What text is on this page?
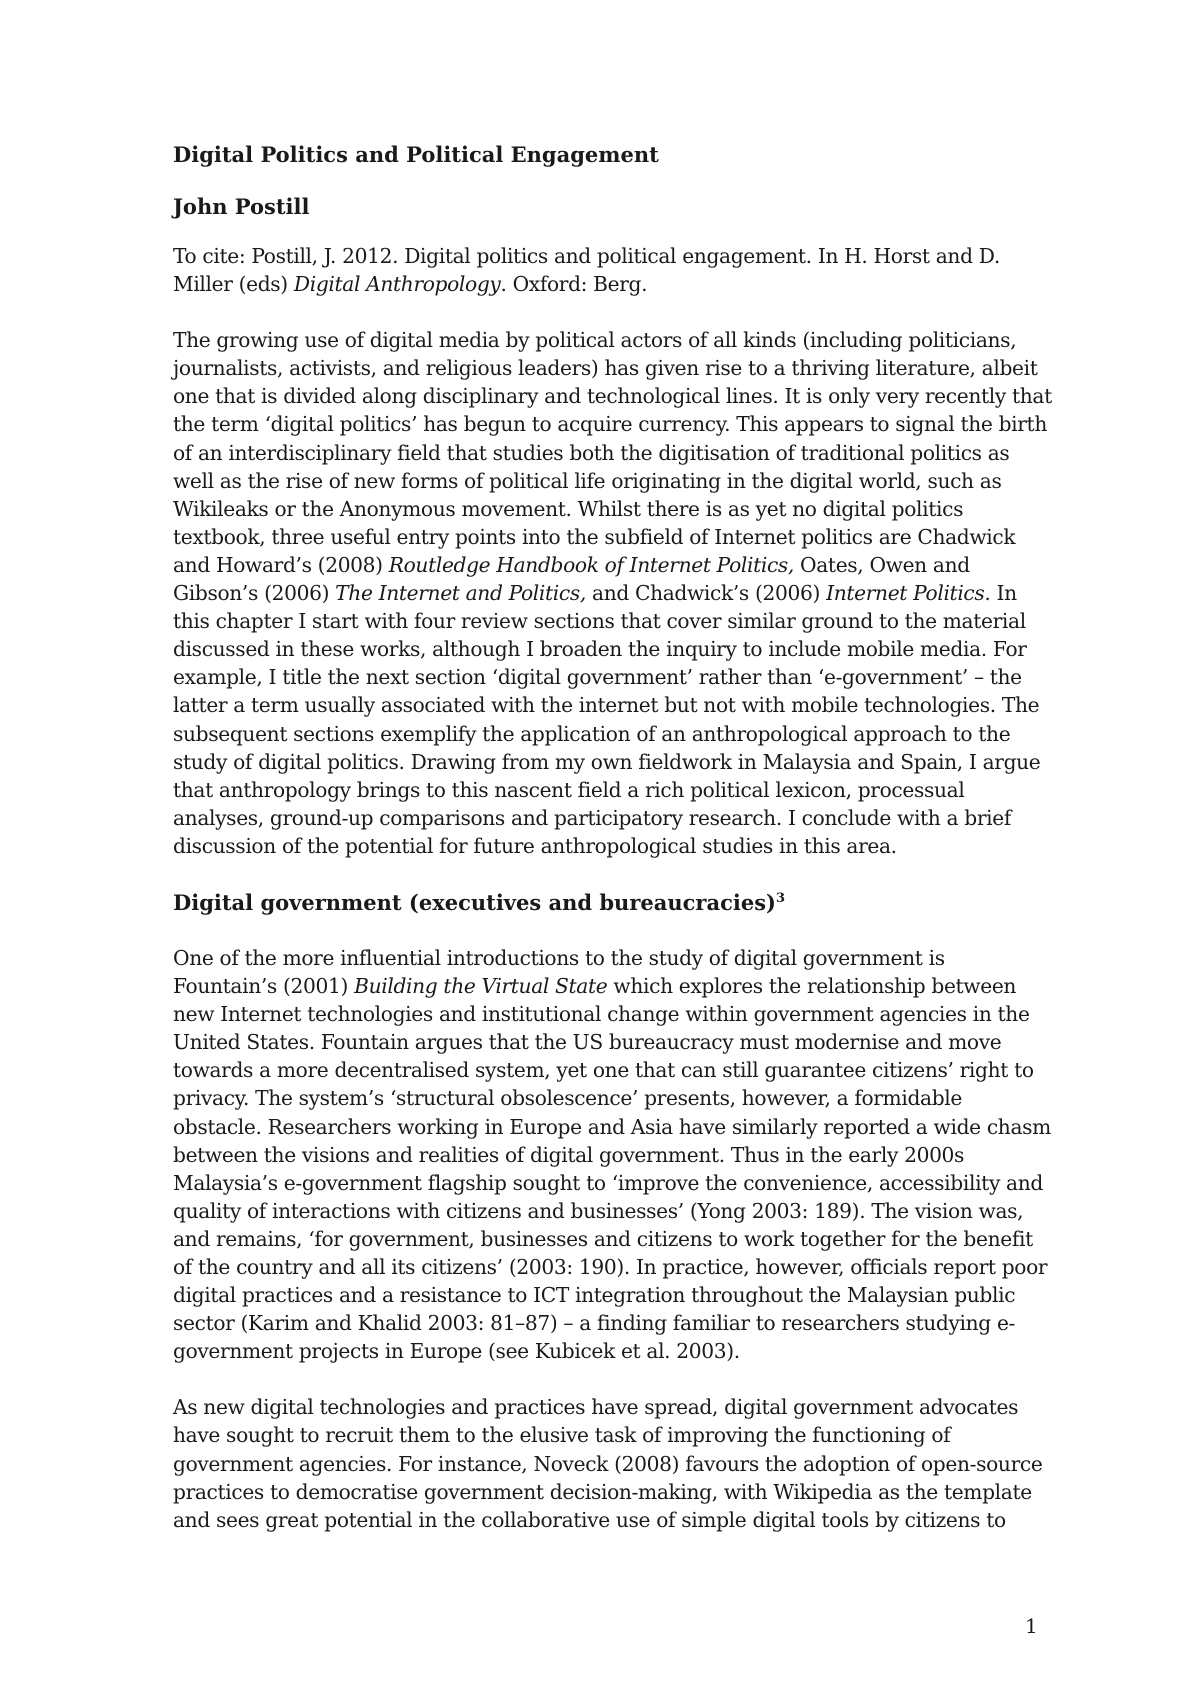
Digital Politics and Political Engagement
John Postill

To cite: Postill, J. 2012. Digital politics and political engagement. In H. Horst and D. Miller (eds) Digital Anthropology. Oxford: Berg.

The growing use of digital media by political actors of all kinds (including politicians, journalists, activists, and religious leaders) has given rise to a thriving literature, albeit one that is divided along disciplinary and technological lines. It is only very recently that the term ‘digital politics’ has begun to acquire currency. This appears to signal the birth of an interdisciplinary field that studies both the digitisation of traditional politics as well as the rise of new forms of political life originating in the digital world, such as Wikileaks or the Anonymous movement. Whilst there is as yet no digital politics textbook, three useful entry points into the subfield of Internet politics are Chadwick and Howard’s (2008) Routledge Handbook of Internet Politics, Oates, Owen and Gibson’s (2006) The Internet and Politics, and Chadwick’s (2006) Internet Politics. In this chapter I start with four review sections that cover similar ground to the material discussed in these works, although I broaden the inquiry to include mobile media. For example, I title the next section ‘digital government’ rather than ‘e-government’ – the latter a term usually associated with the internet but not with mobile technologies. The subsequent sections exemplify the application of an anthropological approach to the study of digital politics. Drawing from my own fieldwork in Malaysia and Spain, I argue that anthropology brings to this nascent field a rich political lexicon, processual analyses, ground-up comparisons and participatory research. I conclude with a brief discussion of the potential for future anthropological studies in this area.

Digital government (executives and bureaucracies)$^3$

One of the more influential introductions to the study of digital government is Fountain’s (2001) Building the Virtual State which explores the relationship between new Internet technologies and institutional change within government agencies in the United States. Fountain argues that the US bureaucracy must modernise and move towards a more decentralised system, yet one that can still guarantee citizens’ right to privacy. The system’s ‘structural obsolescence’ presents, however, a formidable obstacle. Researchers working in Europe and Asia have similarly reported a wide chasm between the visions and realities of digital government. Thus in the early 2000s Malaysia’s e-government flagship sought to ‘improve the convenience, accessibility and quality of interactions with citizens and businesses’ (Yong 2003: 189). The vision was, and remains, ‘for government, businesses and citizens to work together for the benefit of the country and all its citizens’ (2003: 190). In practice, however, officials report poor digital practices and a resistance to ICT integration throughout the Malaysian public sector (Karim and Khalid 2003: 81–87) – a finding familiar to researchers studying e-government projects in Europe (see Kubicek et al. 2003).

As new digital technologies and practices have spread, digital government advocates have sought to recruit them to the elusive task of improving the functioning of government agencies. For instance, Noveck (2008) favours the adoption of open-source practices to democratise government decision-making, with Wikipedia as the template and sees great potential in the collaborative use of simple digital tools by citizens to

1
